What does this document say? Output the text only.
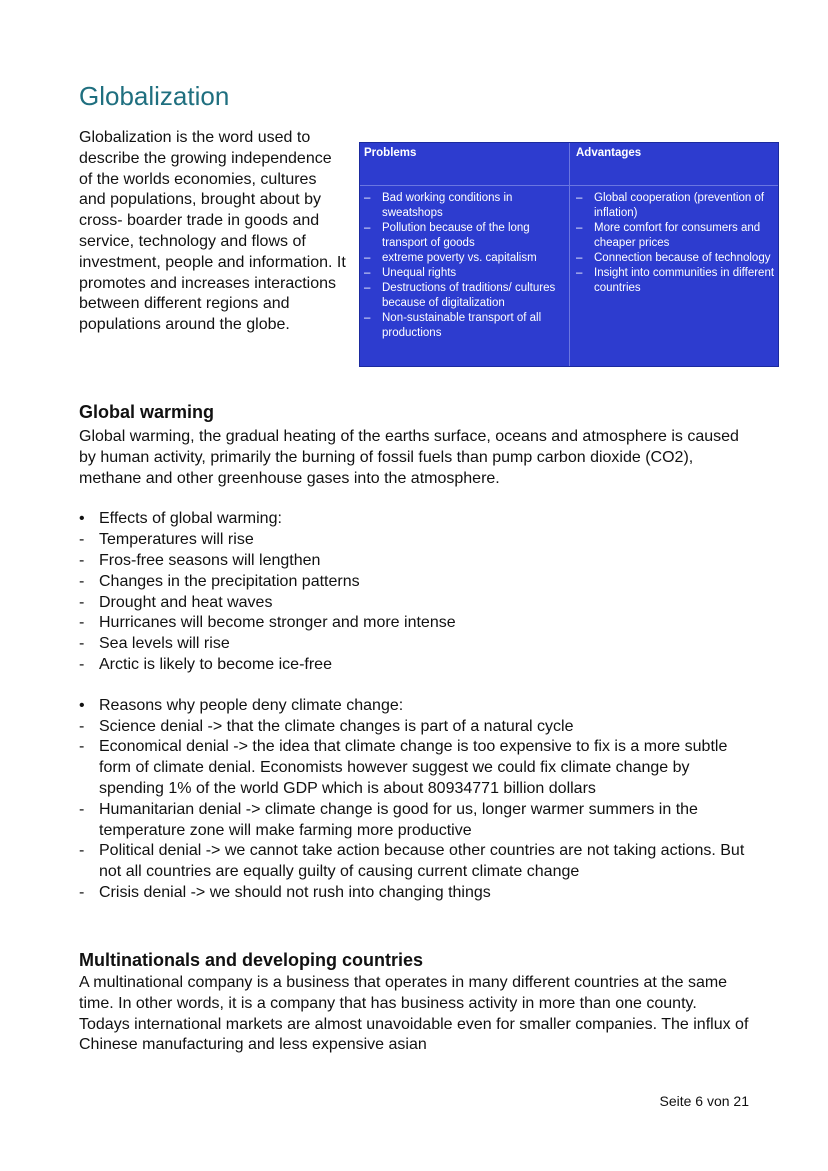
Globalization

Globalization is the word used to describe the growing independence of the worlds economies, cultures and populations, brought about by cross- boarder trade in goods and service, technology and flows of investment, people and information. It promotes and increases interactions between different regions and populations around the globe.

Problems	Advantages
– Bad working conditions in sweatshops
– Pollution because of the long transport of goods
– extreme poverty vs. capitalism
– Unequal rights
– Destructions of traditions/ cultures because of digitalization
– Non-sustainable transport of all productions
– Global cooperation (prevention of inflation)
– More comfort for consumers and cheaper prices
– Connection because of technology
– Insight into communities in different countries
Global warming

Global warming, the gradual heating of the earths surface, oceans and atmosphere is caused by human activity, primarily the burning of fossil fuels than pump carbon dioxide (CO2), methane and other greenhouse gases into the atmosphere.

• Effects of global warming:
- Temperatures will rise
- Fros-free seasons will lengthen
- Changes in the precipitation patterns
- Drought and heat waves
- Hurricanes will become stronger and more intense
- Sea levels will rise
- Arctic is likely to become ice-free
• Reasons why people deny climate change:
- Science denial -> that the climate changes is part of a natural cycle
- Economical denial -> the idea that climate change is too expensive to fix is a more subtle form of climate denial. Economists however suggest we could fix climate change by spending 1% of the world GDP which is about 80934771 billion dollars
- Humanitarian denial -> climate change is good for us, longer warmer summers in the temperature zone will make farming more productive
- Political denial -> we cannot take action because other countries are not taking actions. But not all countries are equally guilty of causing current climate change
- Crisis denial -> we should not rush into changing things
Multinationals and developing countries

A multinational company is a business that operates in many different countries at the same time. In other words, it is a company that has business activity in more than one county. Todays international markets are almost unavoidable even for smaller companies. The influx of Chinese manufacturing and less expensive asian

Seite 6 von 21
